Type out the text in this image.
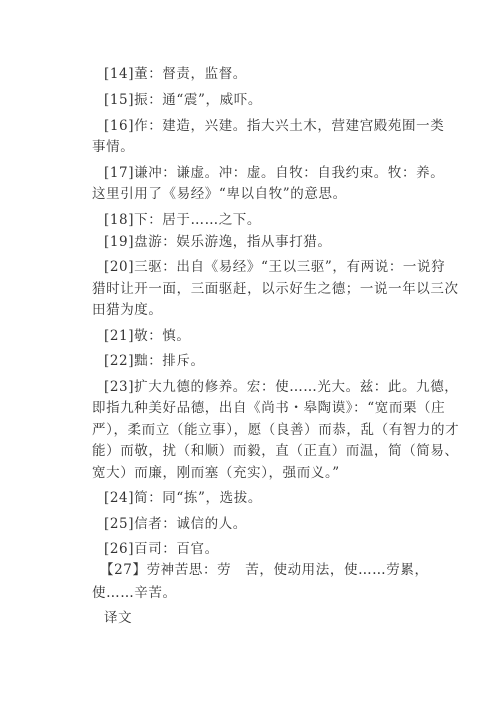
[14]董：督责，监督。
[15]振：通“震”，威吓。
[16]作：建造，兴建。指大兴土木，营建宫殿苑囿一类
事情。
[17]谦冲：谦虚。冲：虚。自牧：自我约束。牧：养。
这里引用了《易经》“卑以自牧”的意思。
[18]下：居于……之下。
[19]盘游：娱乐游逸，指从事打猎。
[20]三驱：出自《易经》“王以三驱”，有两说：一说狩
猎时让开一面，三面驱赶，以示好生之德；一说一年以三次
田猎为度。
[21]敬：慎。
[22]黜：排斥。
[23]扩大九德的修养。宏：使……光大。兹：此。九德，
即指九种美好品德，出自《尚书・皋陶谟》：“宽而栗（庄
严），柔而立（能立事），愿（良善）而恭，乱（有智力的才
能）而敬，扰（和顺）而毅，直（正直）而温，简（简易、
宽大）而廉，刚而塞（充实），强而义。”
[24]简：同“拣”，选拔。
[25]信者：诚信的人。
[26]百司：百官。
【27】劳神苦思：劳　苦，使动用法，使……劳累，
使……辛苦。
译文
